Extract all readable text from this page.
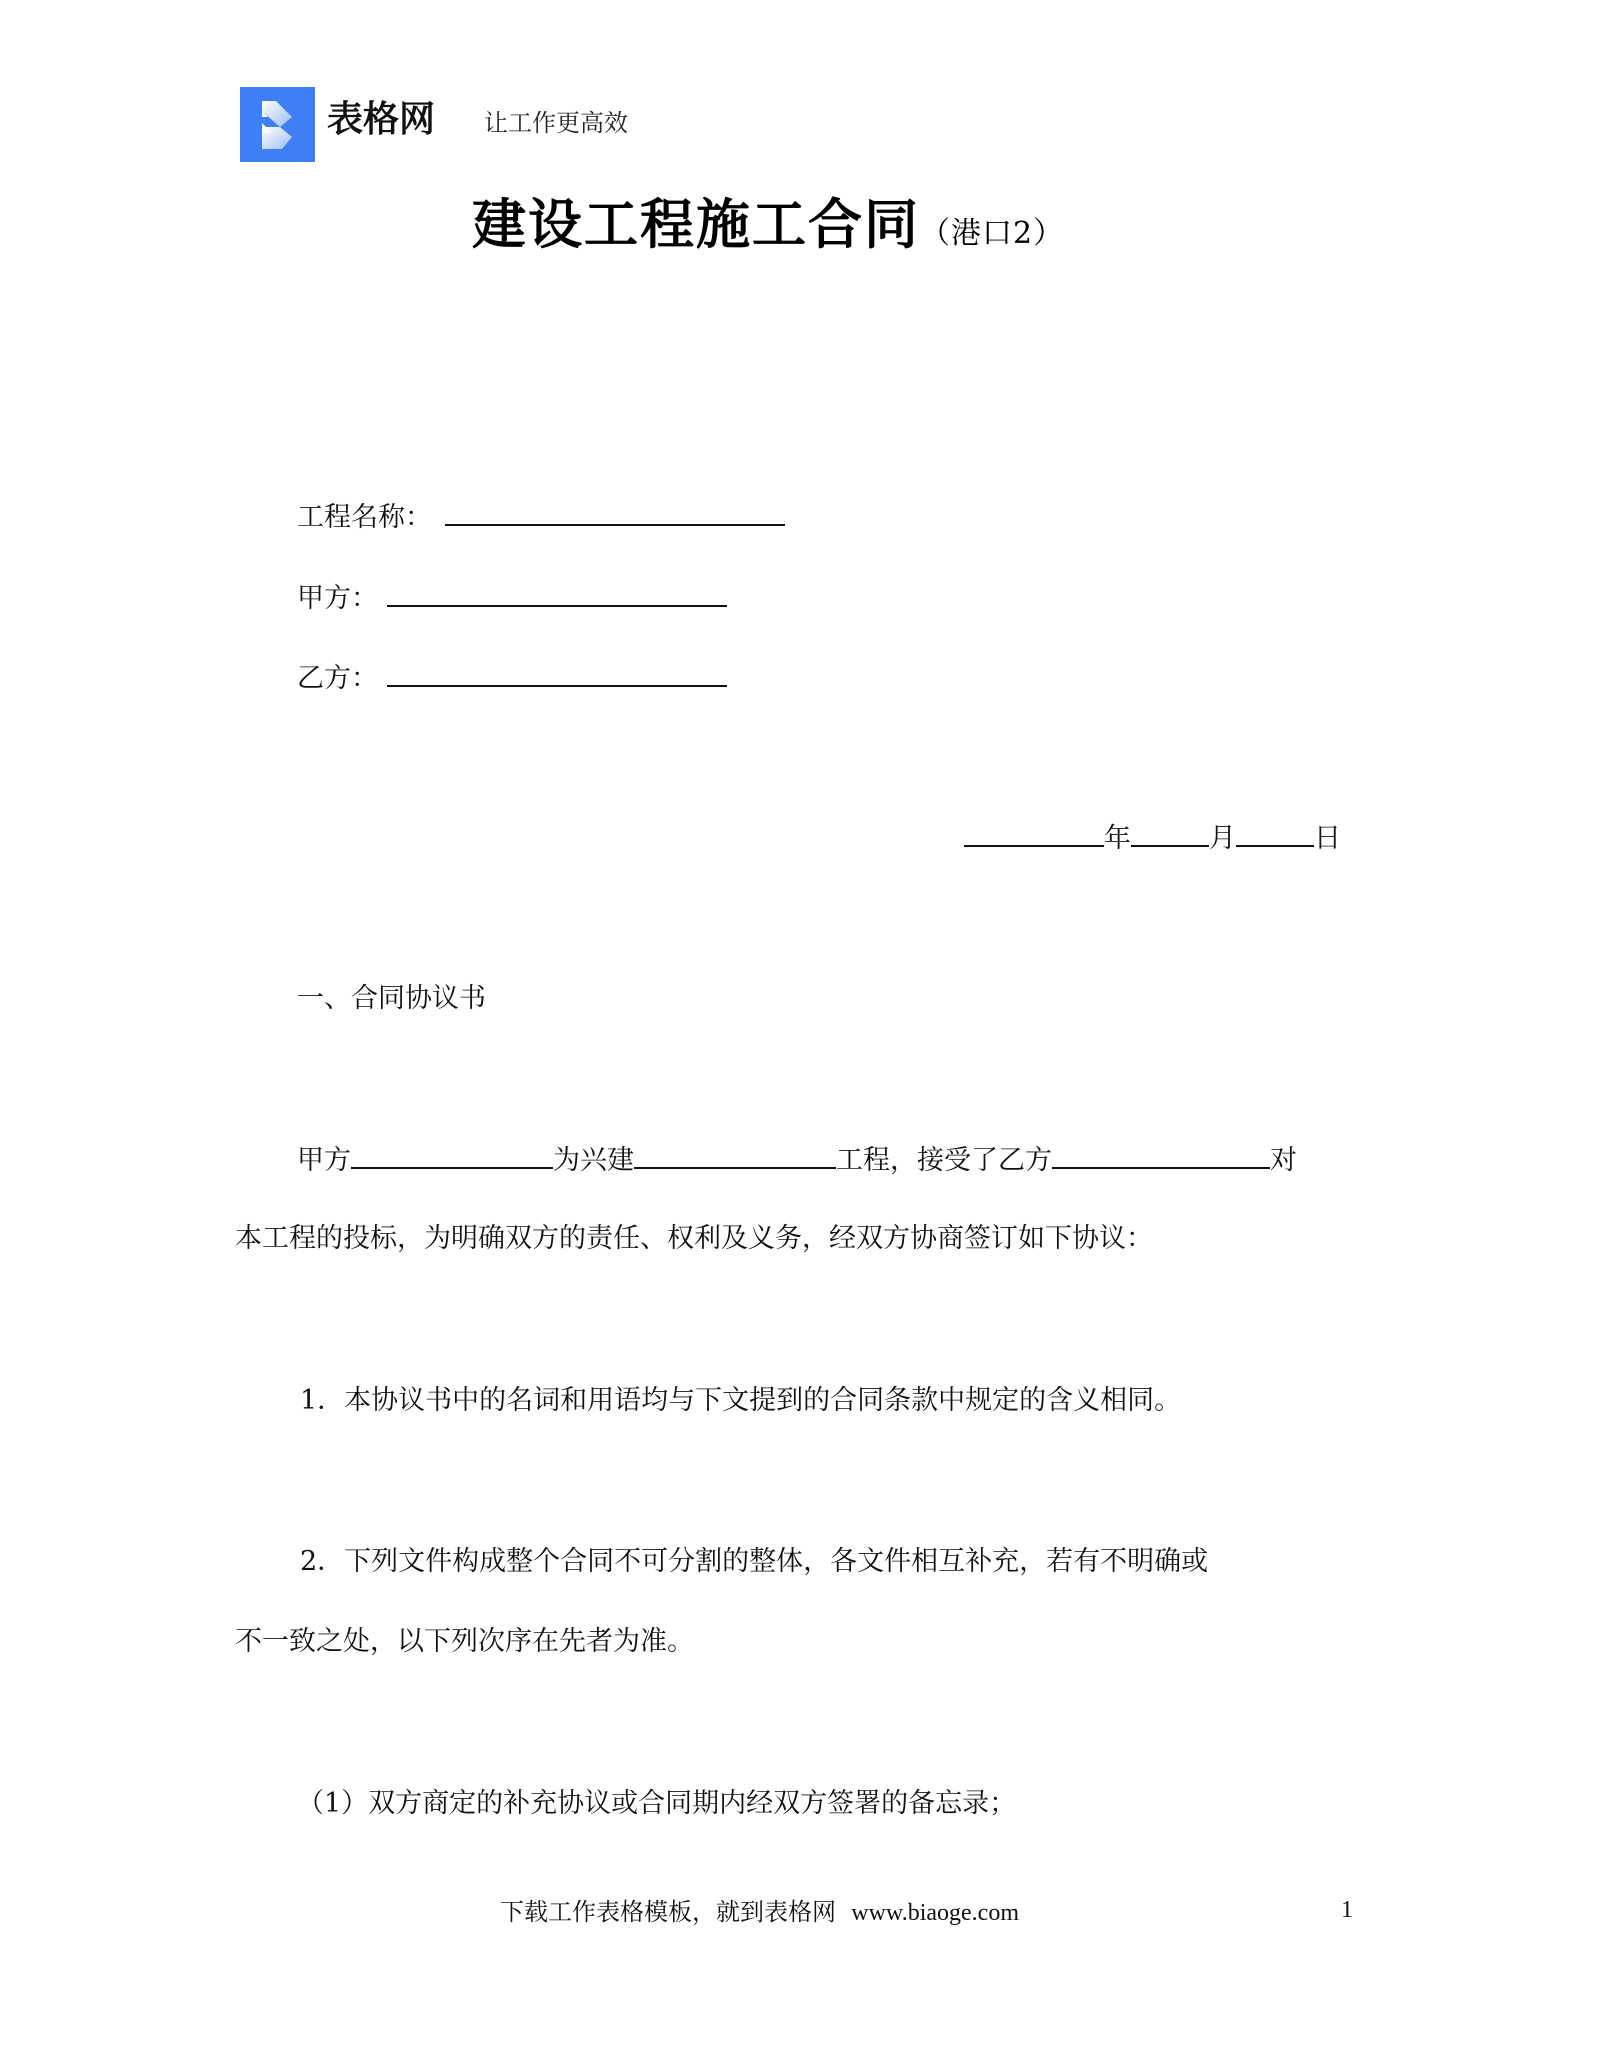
表格网 让工作更高效
建设工程施工合同（港口2）
工程名称：
甲方：
乙方：
年	月	日
一、合同协议书
甲方	为兴建	工程，接受了乙方	对
本工程的投标，为明确双方的责任、权利及义务，经双方协商签订如下协议：
1．本协议书中的名词和用语均与下文提到的合同条款中规定的含义相同。
2．下列文件构成整个合同不可分割的整体，各文件相互补充，若有不明确或
不一致之处，以下列次序在先者为准。
（1）双方商定的补充协议或合同期内经双方签署的备忘录；
下载工作表格模板，就到表格网 www.biaoge.com	1
